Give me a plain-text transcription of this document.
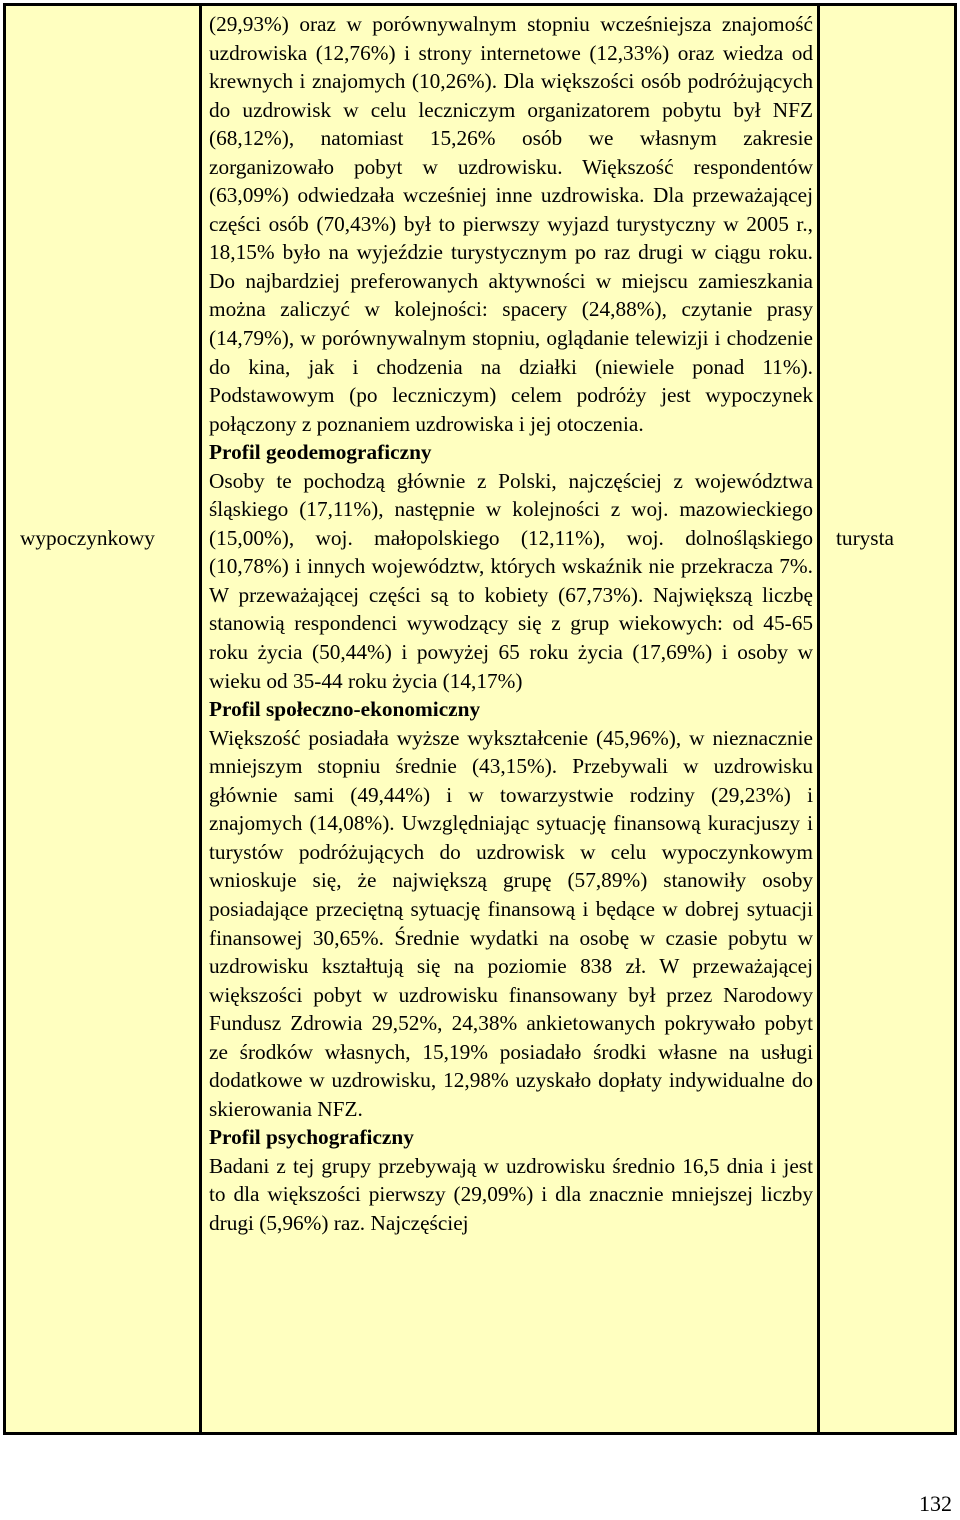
wypoczynkowy

(29,93%) oraz w porównywalnym stopniu wcześniejsza znajomość uzdrowiska (12,76%) i strony internetowe (12,33%) oraz wiedza od krewnych i znajomych (10,26%). Dla większości osób podróżujących do uzdrowisk w celu leczniczym organizatorem pobytu był NFZ (68,12%), natomiast 15,26% osób we własnym zakresie zorganizowało pobyt w uzdrowisku. Większość respondentów (63,09%) odwiedzała wcześniej inne uzdrowiska. Dla przeważającej części osób (70,43%) był to pierwszy wyjazd turystyczny w 2005 r., 18,15% było na wyjeździe turystycznym po raz drugi w ciągu roku. Do najbardziej preferowanych aktywności w miejscu zamieszkania można zaliczyć w kolejności: spacery (24,88%), czytanie prasy (14,79%), w porównywalnym stopniu, oglądanie telewizji i chodzenie do kina, jak i chodzenia na działki (niewiele ponad 11%). Podstawowym (po leczniczym) celem podróży jest wypoczynek połączony z poznaniem uzdrowiska i jej otoczenia.

Profil geodemograficzny

Osoby te pochodzą głównie z Polski, najczęściej z województwa śląskiego (17,11%), następnie w kolejności z woj. mazowieckiego (15,00%), woj. małopolskiego (12,11%), woj. dolnośląskiego (10,78%) i innych województw, których wskaźnik nie przekracza 7%. W przeważającej części są to kobiety (67,73%). Największą liczbę stanowią respondenci wywodzący się z grup wiekowych: od 45-65 roku życia (50,44%) i powyżej 65 roku życia (17,69%) i osoby w wieku od 35-44 roku życia (14,17%)

Profil społeczno-ekonomiczny

Większość posiadała wyższe wykształcenie (45,96%), w nieznacznie mniejszym stopniu średnie (43,15%). Przebywali w uzdrowisku głównie sami (49,44%) i w towarzystwie rodziny (29,23%) i znajomych (14,08%). Uwzględniając sytuację finansową kuracjuszy i turystów podróżujących do uzdrowisk w celu wypoczynkowym wnioskuje się, że największą grupę (57,89%) stanowiły osoby posiadające przeciętną sytuację finansową i będące w dobrej sytuacji finansowej 30,65%. Średnie wydatki na osobę w czasie pobytu w uzdrowisku kształtują się na poziomie 838 zł. W przeważającej większości pobyt w uzdrowisku finansowany był przez Narodowy Fundusz Zdrowia 29,52%, 24,38% ankietowanych pokrywało pobyt ze środków własnych, 15,19% posiadało środki własne na usługi dodatkowe w uzdrowisku, 12,98% uzyskało dopłaty indywidualne do skierowania NFZ.

Profil psychograficzny

Badani z tej grupy przebywają w uzdrowisku średnio 16,5 dnia i jest to dla większości pierwszy (29,09%) i dla znacznie mniejszej liczby drugi (5,96%) raz. Najczęściej

turysta
132
